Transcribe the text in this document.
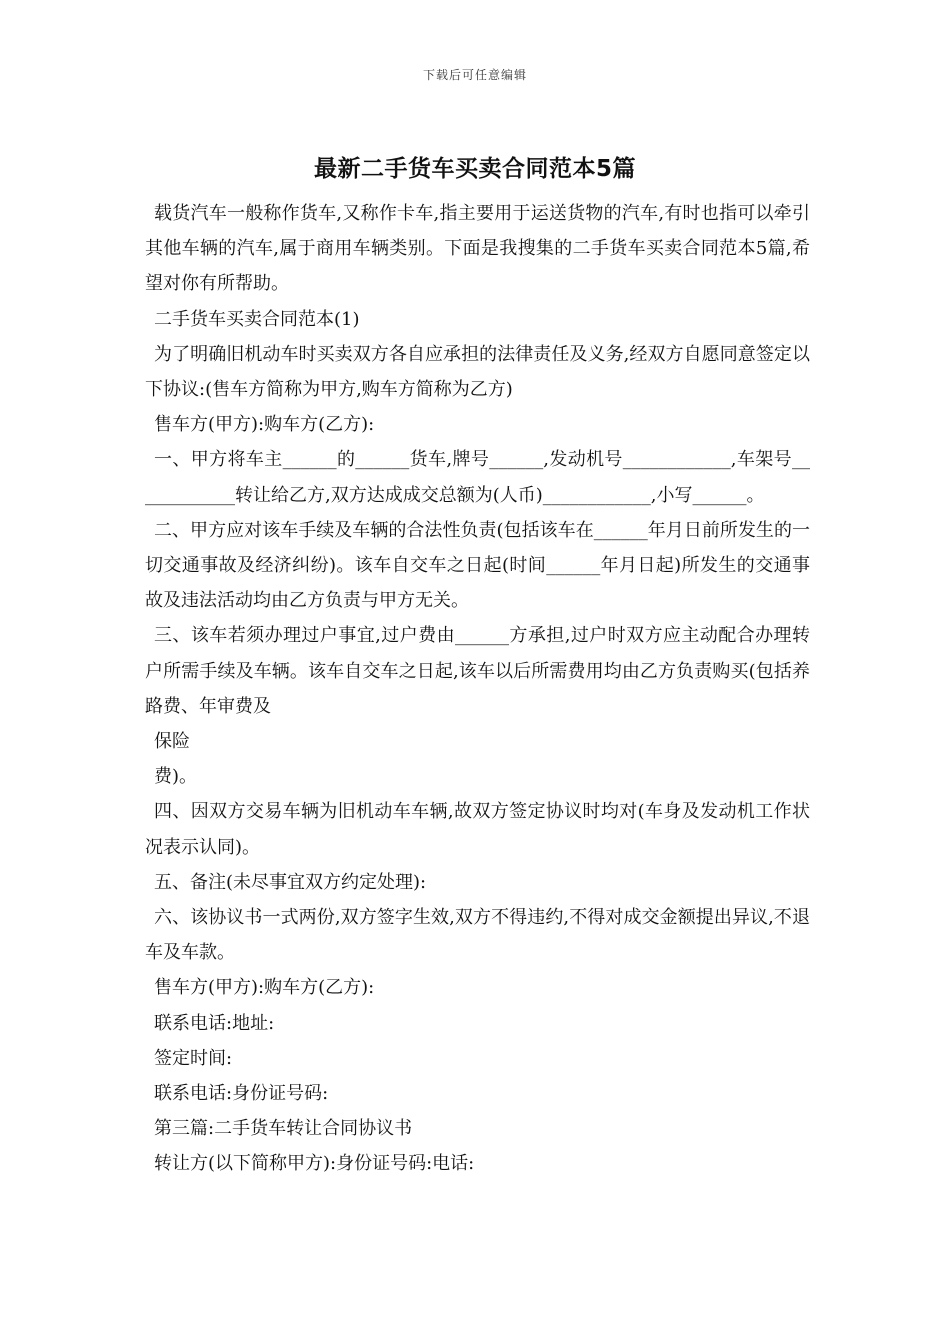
下载后可任意编辑
最新二手货车买卖合同范本5篇

载货汽车一般称作货车,又称作卡车,指主要用于运送货物的汽车,有时也指可以牵引其他车辆的汽车,属于商用车辆类别。下面是我搜集的二手货车买卖合同范本5篇,希望对你有所帮助。

二手货车买卖合同范本(1)

为了明确旧机动车时买卖双方各自应承担的法律责任及义务,经双方自愿同意签定以下协议:(售车方简称为甲方,购车方简称为乙方)

售车方(甲方):购车方(乙方):

一、甲方将车主______的______货车,牌号______,发动机号____________,车架号____________转让给乙方,双方达成成交总额为(人币)____________,小写______。

二、甲方应对该车手续及车辆的合法性负责(包括该车在______年月日前所发生的一切交通事故及经济纠纷)。该车自交车之日起(时间______年月日起)所发生的交通事故及违法活动均由乙方负责与甲方无关。

三、该车若须办理过户事宜,过户费由______方承担,过户时双方应主动配合办理转户所需手续及车辆。该车自交车之日起,该车以后所需费用均由乙方负责购买(包括养路费、年审费及

保险

费)。

四、因双方交易车辆为旧机动车车辆,故双方签定协议时均对(车身及发动机工作状况表示认同)。

五、备注(未尽事宜双方约定处理):

六、该协议书一式两份,双方签字生效,双方不得违约,不得对成交金额提出异议,不退车及车款。

售车方(甲方):购车方(乙方):

联系电话:地址:

签定时间:

联系电话:身份证号码:

第三篇:二手货车转让合同协议书

转让方(以下简称甲方):身份证号码:电话:
